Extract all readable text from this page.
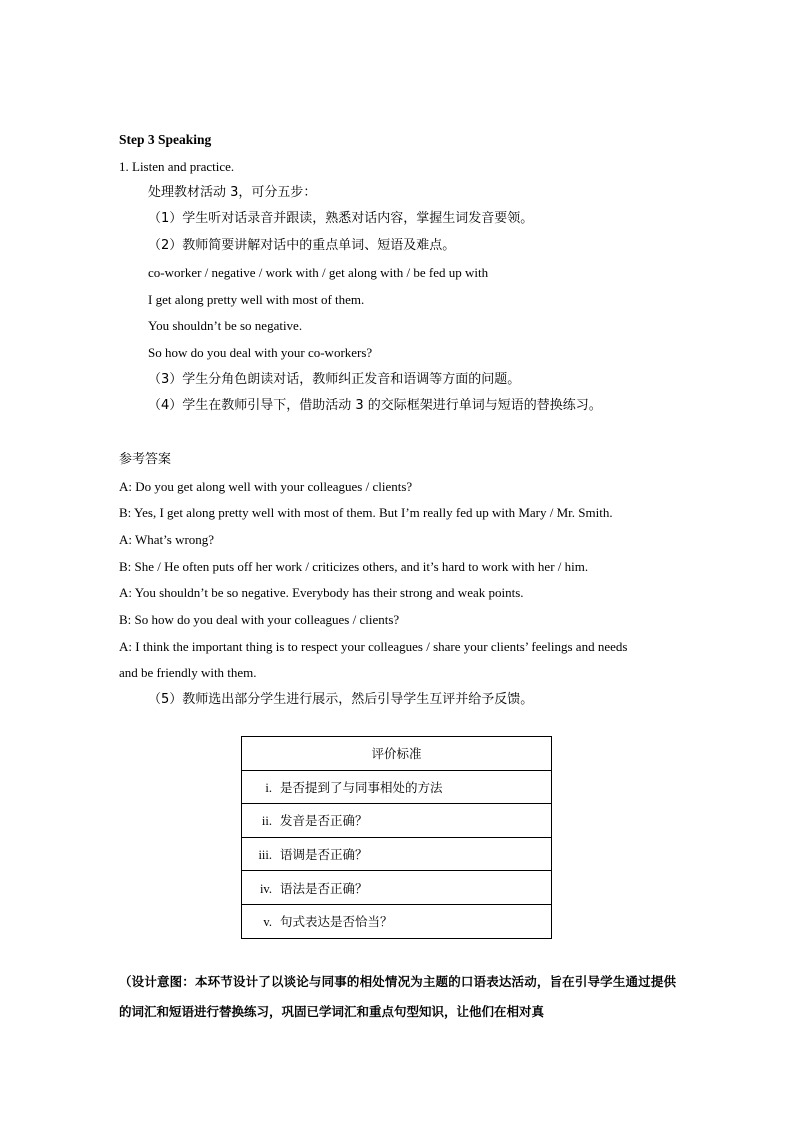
Step 3 Speaking
1. Listen and practice.
处理教材活动 3，可分五步：
（1）学生听对话录音并跟读，熟悉对话内容，掌握生词发音要领。
（2）教师简要讲解对话中的重点单词、短语及难点。
co-worker / negative / work with / get along with / be fed up with
I get along pretty well with most of them.
You shouldn’t be so negative.
So how do you deal with your co-workers?
（3）学生分角色朗读对话，教师纠正发音和语调等方面的问题。
（4）学生在教师引导下，借助活动 3 的交际框架进行单词与短语的替换练习。
参考答案
A: Do you get along well with your colleagues / clients?
B: Yes, I get along pretty well with most of them. But I’m really fed up with Mary / Mr. Smith.
A: What’s wrong?
B: She / He often puts off her work / criticizes others, and it’s hard to work with her / him.
A: You shouldn’t be so negative. Everybody has their strong and weak points.
B: So how do you deal with your colleagues / clients?
A: I think the important thing is to respect your colleagues / share your clients’ feelings and needs
and be friendly with them.
（5）教师选出部分学生进行展示，然后引导学生互评并给予反馈。
评价标准
i. 是否提到了与同事相处的方法
ii. 发音是否正确？
iii. 语调是否正确？
iv. 语法是否正确？
v. 句式表达是否恰当？
（设计意图：本环节设计了以谈论与同事的相处情况为主题的口语表达活动，旨在引导学生通过提供的词汇和短语进行替换练习，巩固已学词汇和重点句型知识，让他们在相对真
